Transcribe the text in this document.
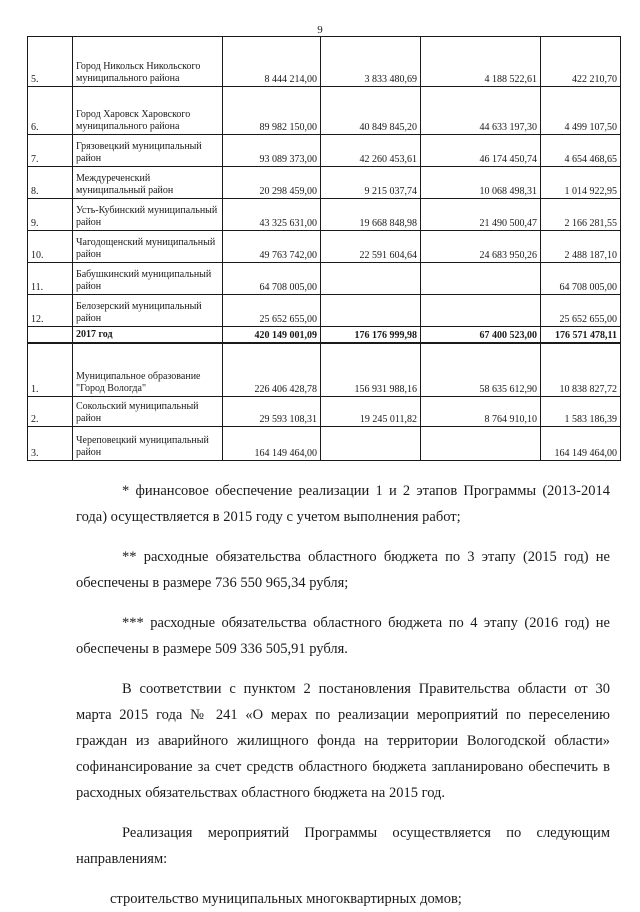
9
5.	Город Никольск Никольского муниципального района	8 444 214,00	3 833 480,69	4 188 522,61	422 210,70
6.	Город Харовск Харовского муниципального района	89 982 150,00	40 849 845,20	44 633 197,30	4 499 107,50
7.	Грязовецкий муниципальный район	93 089 373,00	42 260 453,61	46 174 450,74	4 654 468,65
8.	Междуреченский муниципальный район	20 298 459,00	9 215 037,74	10 068 498,31	1 014 922,95
9.	Усть-Кубинский муниципальный район	43 325 631,00	19 668 848,98	21 490 500,47	2 166 281,55
10.	Чагодощенский муниципальный район	49 763 742,00	22 591 604,64	24 683 950,26	2 488 187,10
11.	Бабушкинский муниципальный район	64 708 005,00			64 708 005,00
12.	Белозерский муниципальный район	25 652 655,00			25 652 655,00
	2017 год	420 149 001,09	176 176 999,98	67 400 523,00	176 571 478,11
1.	Муниципальное образование "Город Вологда"	226 406 428,78	156 931 988,16	58 635 612,90	10 838 827,72
2.	Сокольский муниципальный район	29 593 108,31	19 245 011,82	8 764 910,10	1 583 186,39
3.	Череповецкий муниципальный район	164 149 464,00			164 149 464,00

* финансовое обеспечение реализации 1 и 2 этапов Программы (2013-2014 года) осуществляется в 2015 году с учетом выполнения работ;

** расходные обязательства областного бюджета по 3 этапу (2015 год) не обеспечены в размере 736 550 965,34 рубля;

*** расходные обязательства областного бюджета по 4 этапу (2016 год) не обеспечены в размере 509 336 505,91 рубля.

В соответствии с пунктом 2 постановления Правительства области от 30 марта 2015 года № 241 «О мерах по реализации мероприятий по переселению граждан из аварийного жилищного фонда на территории Вологодской области» софинансирование за счет средств областного бюджета запланировано обеспечить в расходных обязательствах областного бюджета на 2015 год.

Реализация мероприятий Программы осуществляется по следующим направлениям:

строительство муниципальных многоквартирных домов;
